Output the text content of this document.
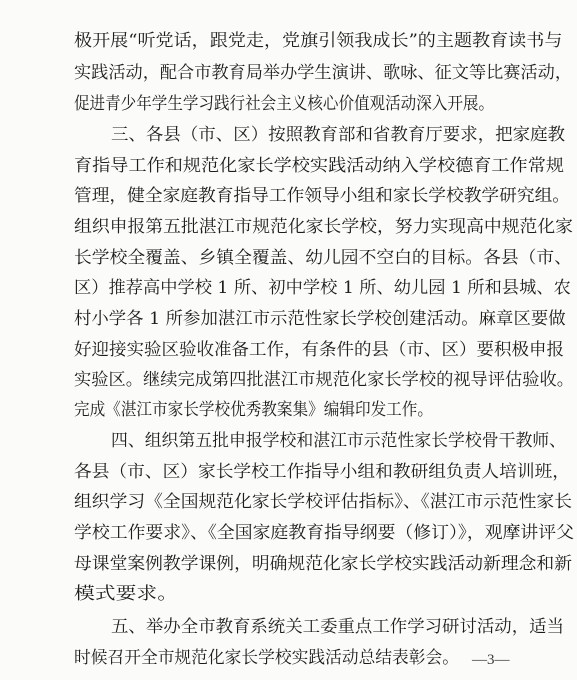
极开展“听党话，跟党走，党旗引领我成长”的主题教育读书与

实践活动，配合市教育局举办学生演讲、歌咏、征文等比赛活动，

促进青少年学生学习践行社会主义核心价值观活动深入开展。

三、各县（市、区）按照教育部和省教育厅要求，把家庭教

育指导工作和规范化家长学校实践活动纳入学校德育工作常规

管理，健全家庭教育指导工作领导小组和家长学校教学研究组。

组织申报第五批湛江市规范化家长学校，努力实现高中规范化家

长学校全覆盖、乡镇全覆盖、幼儿园不空白的目标。各县（市、

区）推荐高中学校 1 所、初中学校 1 所、幼儿园 1 所和县城、农

村小学各 1 所参加湛江市示范性家长学校创建活动。麻章区要做

好迎接实验区验收准备工作，有条件的县（市、区）要积极申报

实验区。继续完成第四批湛江市规范化家长学校的视导评估验收。

完成《湛江市家长学校优秀教案集》编辑印发工作。

四、组织第五批申报学校和湛江市示范性家长学校骨干教师、

各县（市、区）家长学校工作指导小组和教研组负责人培训班，

组织学习《全国规范化家长学校评估指标》、《湛江市示范性家长

学校工作要求》、《全国家庭教育指导纲要（修订）》，观摩讲评父

母课堂案例教学课例，明确规范化家长学校实践活动新理念和新

模式要求。

五、举办全市教育系统关工委重点工作学习研讨活动，适当

时候召开全市规范化家长学校实践活动总结表彰会。 —3—
